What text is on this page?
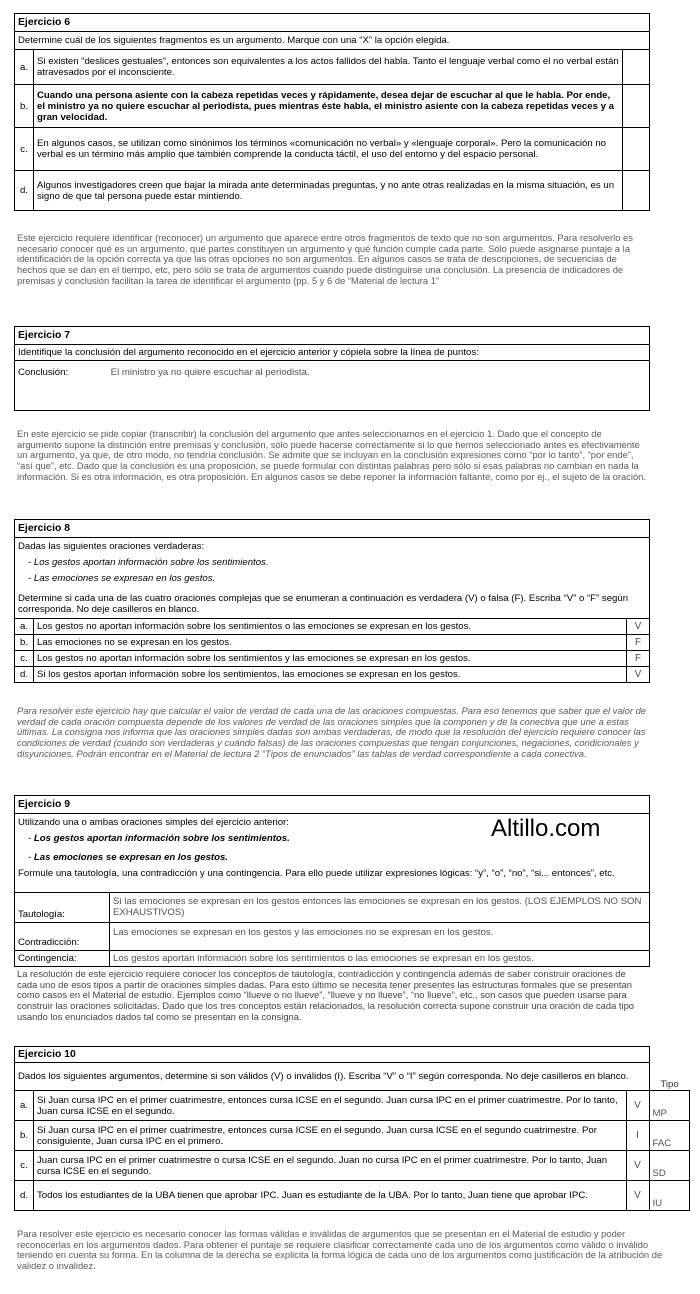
Ejercicio 6		
Determine cuál de los siguientes fragmentos es un argumento. Marque con una “X” la opción elegida.		
a.	Si existen “deslices gestuales”, entonces son equivalentes a los actos fallidos del habla. Tanto el lenguaje verbal como el no verbal están atravesados por el inconsciente.	
b.	Cuando una persona asiente con la cabeza repetidas veces y rápidamente, desea dejar de escuchar al que le habla. Por ende, el ministro ya no quiere escuchar al periodista, pues mientras éste habla, el ministro asiente con la cabeza repetidas veces y a gran velocidad.	
c.	En algunos casos, se utilizan como sinónimos los términos «comunicación no verbal» y «lenguaje corporal». Pero la comunicación no verbal es un término más amplio que también comprende la conducta táctil, el uso del entorno y del espacio personal.	
d.	Algunos investigadores creen que bajar la mirada ante determinadas preguntas, y no ante otras realizadas en la misma situación, es un signo de que tal persona puede estar mintiendo.	
Este ejercicio requiere identificar (reconocer) un argumento que aparece entre otros fragmentos de texto que no son argumentos. Para resolverlo es necesario conocer qué es un argumento, qué partes constituyen un argumento y qué función cumple cada parte. Sólo puede asignarse puntaje a la identificación de la opción correcta ya que las otras opciones no son argumentos. En algunos casos se trata de descripciones, de secuencias de hechos que se dan en el tiempo, etc, pero sólo se trata de argumentos cuando puede distinguirse una conclusión. La presencia de indicadores de premisas y conclusión facilitan la tarea de identificar el argumento (pp. 5 y 6 de “Material de lectura 1”
Ejercicio 7
Identifique la conclusión del argumento reconocido en el ejercicio anterior y cópiela sobre la línea de puntos:
Conclusión:	El ministro ya no quiere escuchar al periodista.
En este ejercicio se pide copiar (transcribir) la conclusión del argumento que antes seleccionamos en el ejercicio 1. Dado que el concepto de argumento supone la distinción entre premisas y conclusión, sólo puede hacerse correctamente si lo que hemos seleccionado antes es efectivamente un argumento, ya que, de otro modo, no tendría conclusión. Se admite que se incluyan en la conclusión expresiones como “por lo tanto”, “por ende”, “así que”, etc. Dado que la conclusión es una proposición, se puede formular con distintas palabras pero sólo si esas palabras no cambian en nada la información. Si es otra información, es otra proposición. En algunos casos se debe reponer la información faltante, como por ej., el sujeto de la oración.
Ejercicio 8		

Dadas las siguientes oraciones verdaderas:
- Los gestos aportan información sobre los sentimientos.
- Las emociones se expresan en los gestos.
Determine si cada una de las cuatro oraciones complejas que se enumeran a continuación es verdadera (V) o falsa (F). Escriba “V” o “F” según corresponda. No deje casilleros en blanco.		

a.	Los gestos no aportan información sobre los sentimientos o las emociones se expresan en los gestos.	V
b.	Las emociones no se expresan en los gestos.	F
c.	Los gestos no aportan información sobre los sentimientos y las emociones se expresan en los gestos.	F
d.	Si los gestos aportan información sobre los sentimientos, las emociones se expresan en los gestos.	V
Para resolver este ejercicio hay que calcular el valor de verdad de cada una de las oraciones compuestas. Para eso tenemos que saber que el valor de verdad de cada oración compuesta depende de los valores de verdad de las oraciones simples que la componen y de la conectiva que une a estas últimas. La consigna nos informa que las oraciones simples dadas son ambas verdaderas, de modo que la resolución del ejercicio requiere conocer las condiciones de verdad (cuándo son verdaderas y cuándo falsas) de las oraciones compuestas que tengan conjunciones, negaciones, condicionales y disyunciones. Podrán encontrar en el Material de lectura 2 “Tipos de enunciados” las tablas de verdad correspondiente a cada conectiva.
Ejercicio 9	

Utilizando una o ambas oraciones simples del ejercicio anterior:
- Los gestos aportan información sobre los sentimientos.
- Las emociones se expresan en los gestos.
Formule una tautología, una contradicción y una contingencia. Para ello puede utilizar expresiones lógicas: “y”, “o”, “no”, “si... entonces”, etc.	

Tautología:	Si las emociones se expresan en los gestos entonces las emociones se expresan en los gestos. (LOS EJEMPLOS NO SON EXHAUSTIVOS)
Contradicción:	Las emociones se expresan en los gestos y las emociones no se expresan en los gestos.
Contingencia:	Los gestos aportan información sobre los sentimientos o las emociones se expresan en los gestos.
Altillo.com
La resolución de este ejercicio requiere conocer los conceptos de tautología, contradicción y contingencia además de saber construir oraciones de cada uno de esos tipos a partir de oraciones simples dadas. Para esto último se necesita tener presentes las estructuras formales que se presentan como casos en el Material de estudio. Ejemplos como “llueve o no llueve”, “llueve y no llueve”, “no llueve”, etc., son casos que pueden usarse para construir las oraciones solicitadas. Dado que los tres conceptos están relacionados, la resolución correcta supone construir una oración de cada tipo usando los enunciados dados tal como se presentan en la consigna.
Ejercicio 10			
Dados los siguientes argumentos, determine si son válidos (V) o inválidos (I). Escriba “V” o “I” según corresponda. No deje casilleros en blanco.			Tipo
a.	Si Juan cursa IPC en el primer cuatrimestre, entonces cursa ICSE en el segundo. Juan cursa IPC en el primer cuatrimestre. Por lo tanto, Juan cursa ICSE en el segundo.	V	MP
b.	Si Juan cursa IPC en el primer cuatrimestre, entonces cursa ICSE en el segundo. Juan cursa ICSE en el segundo cuatrimestre. Por consiguiente, Juan cursa IPC en el primero.	I	FAC
c.	Juan cursa IPC en el primer cuatrimestre o cursa ICSE en el segundo. Juan no cursa IPC en el primer cuatrimestre. Por lo tanto, Juan cursa ICSE en el segundo.	V	SD
d.	Todos los estudiantes de la UBA tienen que aprobar IPC. Juan es estudiante de la UBA. Por lo tanto, Juan tiene que aprobar IPC.	V	IU
Para resolver este ejercicio es necesario conocer las formas válidas e inválidas de argumentos que se presentan en el Material de estudio y poder reconocerlas en los argumentos dados. Para obtener el puntaje se requiere clasificar correctamente cada uno de los argumentos como válido o inválido teniendo en cuenta su forma. En la columna de la derecha se explicita la forma lógica de cada uno de los argumentos como justificación de la atribución de validez o invalidez.
